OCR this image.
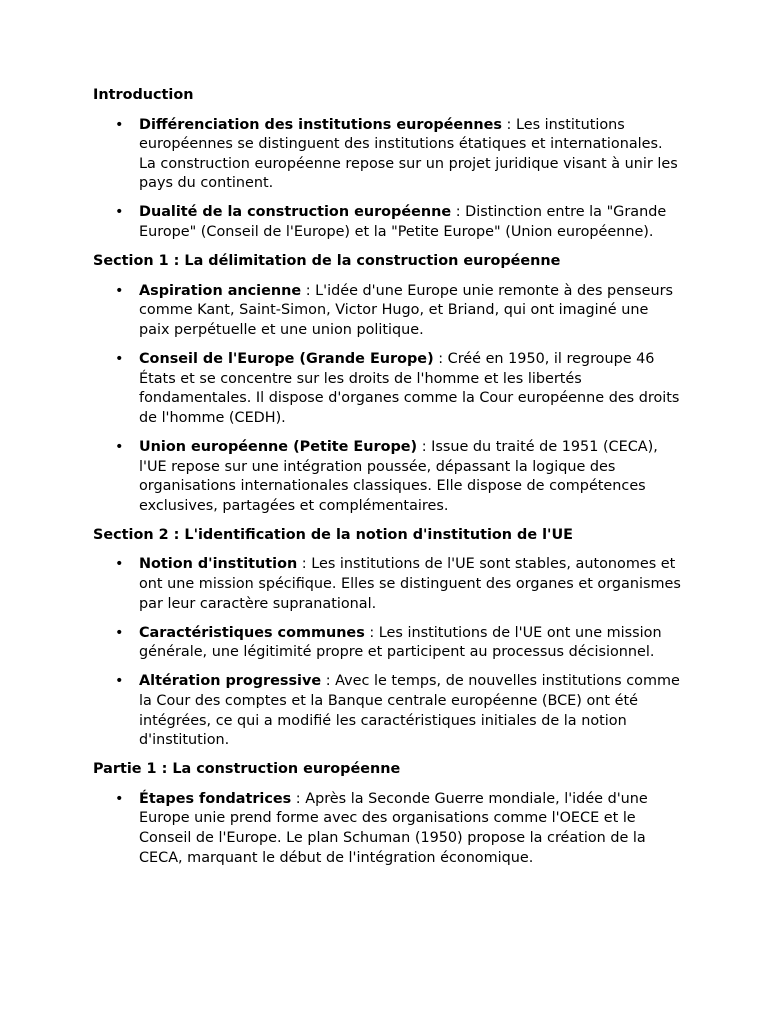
Introduction
• Différenciation des institutions européennes : Les institutions européennes se distinguent des institutions étatiques et internationales. La construction européenne repose sur un projet juridique visant à unir les pays du continent.
• Dualité de la construction européenne : Distinction entre la "Grande Europe" (Conseil de l'Europe) et la "Petite Europe" (Union européenne).
Section 1 : La délimitation de la construction européenne
• Aspiration ancienne : L'idée d'une Europe unie remonte à des penseurs comme Kant, Saint-Simon, Victor Hugo, et Briand, qui ont imaginé une paix perpétuelle et une union politique.
• Conseil de l'Europe (Grande Europe) : Créé en 1950, il regroupe 46 États et se concentre sur les droits de l'homme et les libertés fondamentales. Il dispose d'organes comme la Cour européenne des droits de l'homme (CEDH).
• Union européenne (Petite Europe) : Issue du traité de 1951 (CECA), l'UE repose sur une intégration poussée, dépassant la logique des organisations internationales classiques. Elle dispose de compétences exclusives, partagées et complémentaires.
Section 2 : L'identification de la notion d'institution de l'UE
• Notion d'institution : Les institutions de l'UE sont stables, autonomes et ont une mission spécifique. Elles se distinguent des organes et organismes par leur caractère supranational.
• Caractéristiques communes : Les institutions de l'UE ont une mission générale, une légitimité propre et participent au processus décisionnel.
• Altération progressive : Avec le temps, de nouvelles institutions comme la Cour des comptes et la Banque centrale européenne (BCE) ont été intégrées, ce qui a modifié les caractéristiques initiales de la notion d'institution.
Partie 1 : La construction européenne
• Étapes fondatrices : Après la Seconde Guerre mondiale, l'idée d'une Europe unie prend forme avec des organisations comme l'OECE et le Conseil de l'Europe. Le plan Schuman (1950) propose la création de la CECA, marquant le début de l'intégration économique.
